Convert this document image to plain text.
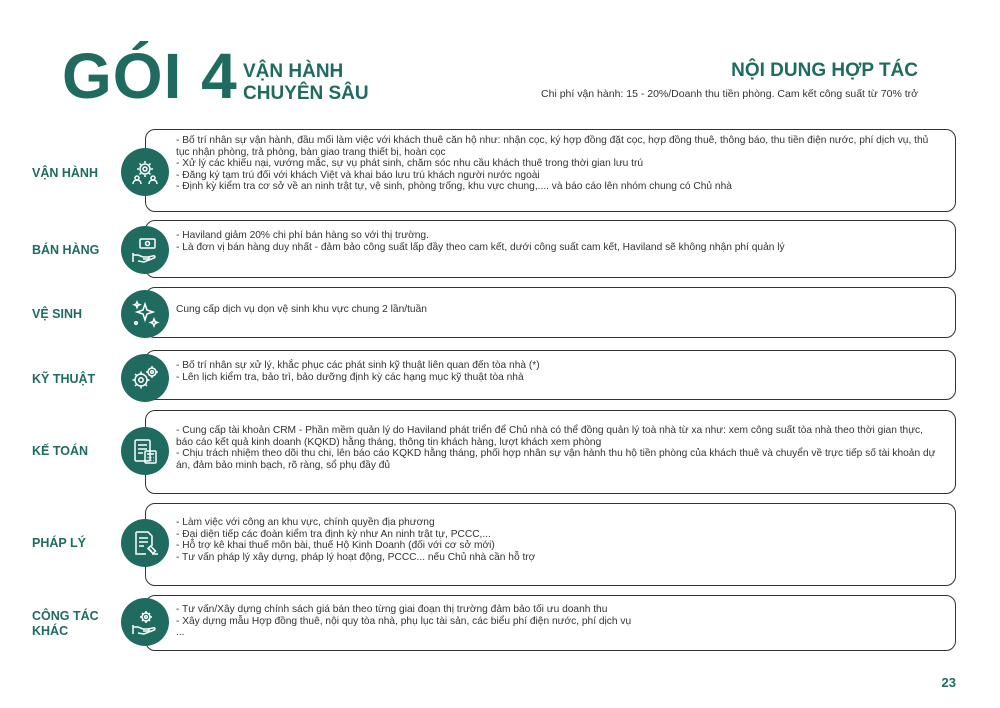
GÓI 4 VẬN HÀNH
CHUYÊN SÂU
NỘI DUNG HỢP TÁC
Chi phí vận hành: 15 - 20%/Doanh thu tiền phòng. Cam kết công suất từ 70% trở
VẬN HÀNH
- Bố trí nhân sự vận hành, đầu mối làm việc với khách thuê căn hộ như: nhận cọc, ký hợp đồng đặt cọc, hợp đồng thuê, thông báo, thu tiền điện nước, phí dịch vụ, thủ tục nhận phòng, trả phòng, bàn giao trang thiết bị, hoàn cọc
- Xử lý các khiếu nại, vướng mắc, sự vụ phát sinh, chăm sóc nhu cầu khách thuê trong thời gian lưu trú
- Đăng ký tạm trú đối với khách Việt và khai báo lưu trú khách người nước ngoài
- Định kỳ kiểm tra cơ sở về an ninh trật tự, vệ sinh, phòng trống, khu vực chung,.... và báo cáo lên nhóm chung có Chủ nhà
BÁN HÀNG
- Haviland giảm 20% chi phí bán hàng so với thị trường.
- Là đơn vị bán hàng duy nhất - đảm bảo công suất lấp đầy theo cam kết, dưới công suất cam kết, Haviland sẽ không nhận phí quản lý
VỆ SINH	Cung cấp dịch vụ dọn vệ sinh khu vực chung 2 lần/tuần
KỸ THUẬT
- Bố trí nhân sự xử lý, khắc phục các phát sinh kỹ thuật liên quan đến tòa nhà (*)
- Lên lịch kiểm tra, bảo trì, bảo dưỡng định kỳ các hạng mục kỹ thuật tòa nhà
KẾ TOÁN
- Cung cấp tài khoản CRM - Phần mềm quản lý do Haviland phát triển để Chủ nhà có thể đồng quản lý toà nhà từ xa như: xem công suất tòa nhà theo thời gian thực, báo cáo kết quả kinh doanh (KQKD) hằng tháng, thông tin khách hàng, lượt khách xem phòng
- Chịu trách nhiệm theo dõi thu chi, lên báo cáo KQKD hằng tháng, phối hợp nhân sự vận hành thu hộ tiền phòng của khách thuê và chuyển về trực tiếp số tài khoản dự án, đảm bảo minh bạch, rõ ràng, sổ phụ đầy đủ
PHÁP LÝ
- Làm việc với công an khu vực, chính quyền địa phương
- Đại diện tiếp các đoàn kiểm tra định kỳ như An ninh trật tự, PCCC,...
- Hỗ trợ kê khai thuế môn bài, thuế Hộ Kinh Doanh (đối với cơ sở mới)
- Tư vấn pháp lý xây dựng, pháp lý hoạt động, PCCC... nếu Chủ nhà cần hỗ trợ
CÔNG TÁC KHÁC
- Tư vấn/Xây dựng chính sách giá bán theo từng giai đoạn thị trường đảm bảo tối ưu doanh thu
- Xây dựng mẫu Hợp đồng thuê, nội quy tòa nhà, phụ lục tài sản, các biểu phí điện nước, phí dịch vụ
...
23
